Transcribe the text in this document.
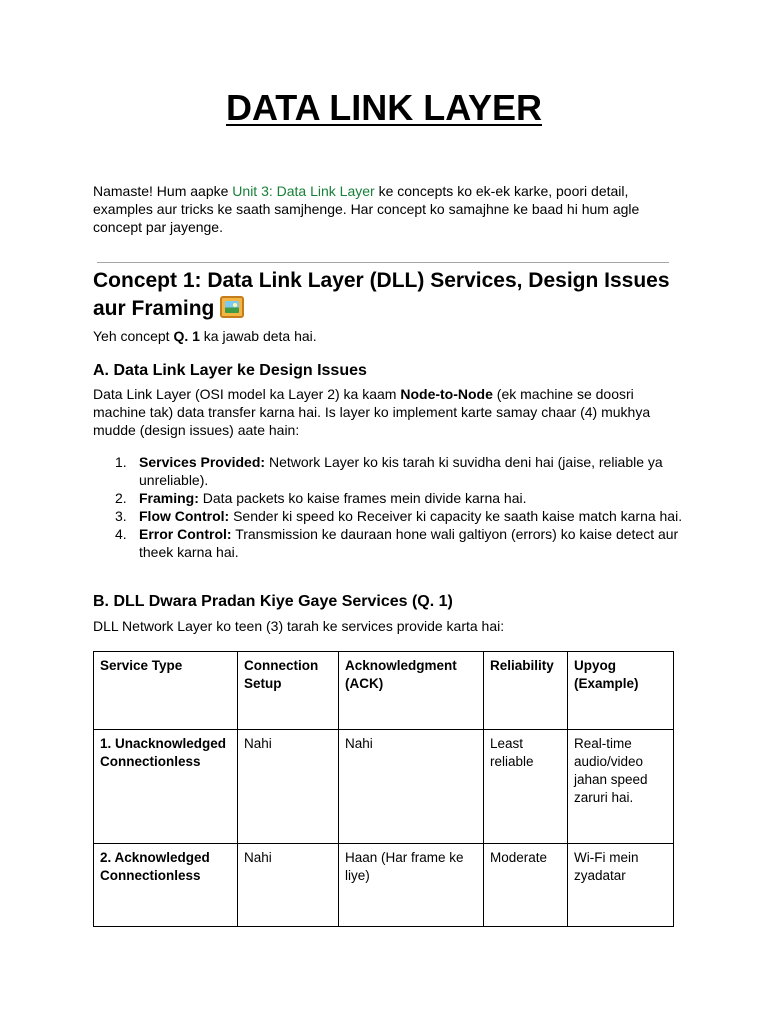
DATA LINK LAYER

Namaste! Hum aapke Unit 3: Data Link Layer ke concepts ko ek-ek karke, poori detail, examples aur tricks ke saath samjhenge. Har concept ko samajhne ke baad hi hum agle concept par jayenge.

Concept 1: Data Link Layer (DLL) Services, Design Issues aur Framing

Yeh concept Q. 1 ka jawab deta hai.

A. Data Link Layer ke Design Issues

Data Link Layer (OSI model ka Layer 2) ka kaam Node-to-Node (ek machine se doosri machine tak) data transfer karna hai. Is layer ko implement karte samay chaar (4) mukhya mudde (design issues) aate hain:

1. Services Provided: Network Layer ko kis tarah ki suvidha deni hai (jaise, reliable ya unreliable).
2. Framing: Data packets ko kaise frames mein divide karna hai.
3. Flow Control: Sender ki speed ko Receiver ki capacity ke saath kaise match karna hai.
4. Error Control: Transmission ke dauraan hone wali galtiyon (errors) ko kaise detect aur theek karna hai.
B. DLL Dwara Pradan Kiye Gaye Services (Q. 1)

DLL Network Layer ko teen (3) tarah ke services provide karta hai:

Service Type	Connection Setup	Acknowledgment (ACK)	Reliability	Upyog (Example)
1. Unacknowledged Connectionless	Nahi	Nahi	Least reliable	Real-time audio/video jahan speed zaruri hai.
2. Acknowledged Connectionless	Nahi	Haan (Har frame ke liye)	Moderate	Wi-Fi mein zyadatar
